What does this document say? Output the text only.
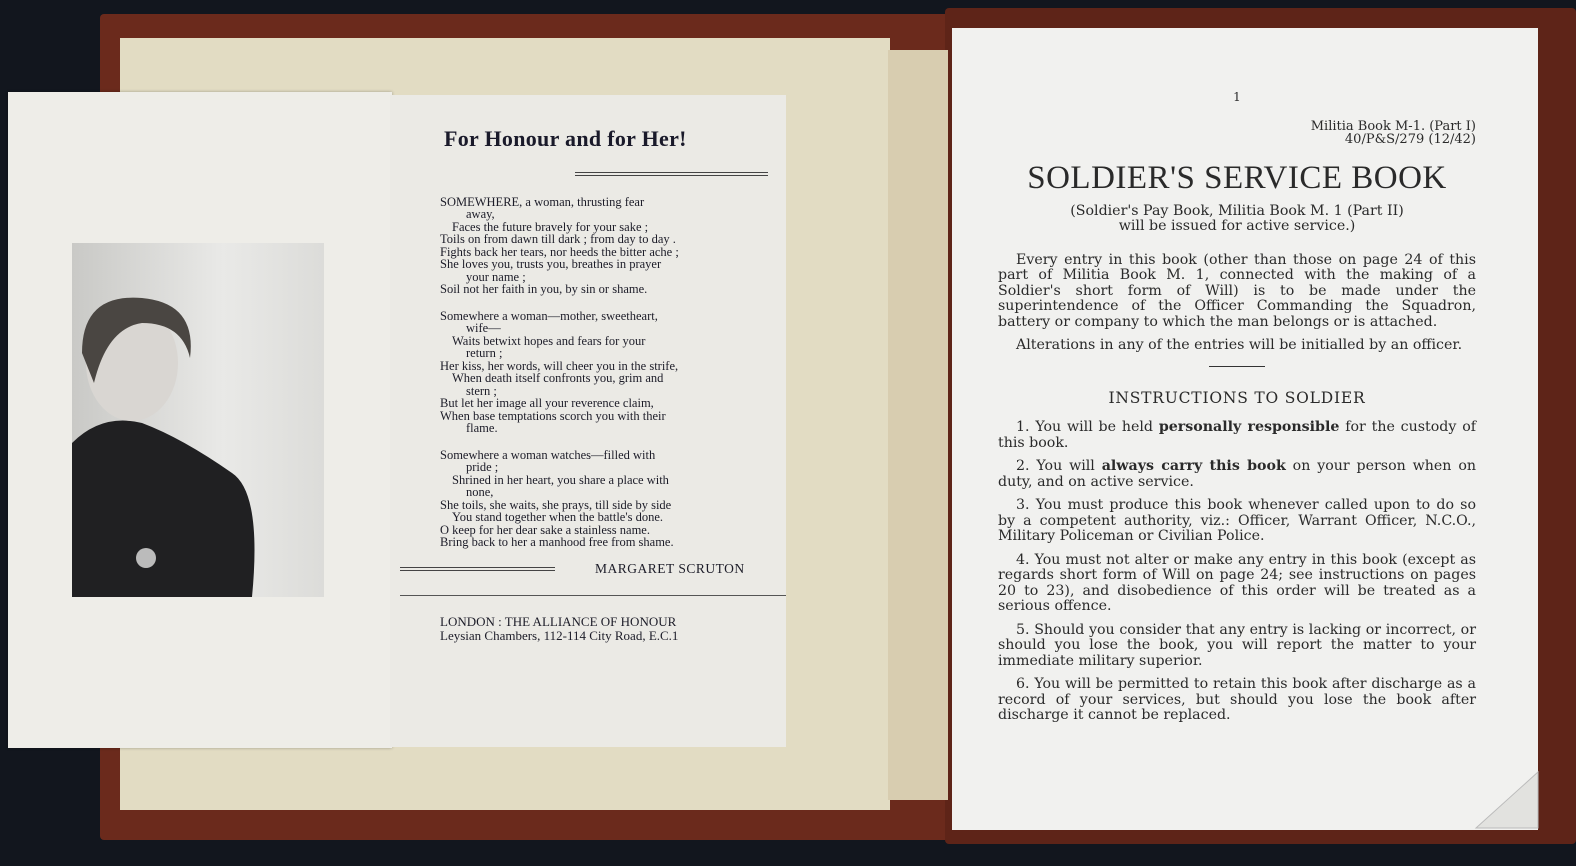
For Honour and for Her!
SOMEWHERE, a woman, thrusting fear
away,
Faces the future bravely for your sake ;
Toils on from dawn till dark ; from day to day .
Fights back her tears, nor heeds the bitter ache ;
She loves you, trusts you, breathes in prayer
your name ;
Soil not her faith in you, by sin or shame.
Somewhere a woman—mother, sweetheart,
wife—
Waits betwixt hopes and fears for your
return ;
Her kiss, her words, will cheer you in the strife,
When death itself confronts you, grim and
stern ;
But let her image all your reverence claim,
When base temptations scorch you with their
flame.
Somewhere a woman watches—filled with
pride ;
Shrined in her heart, you share a place with
none,
She toils, she waits, she prays, till side by side
You stand together when the battle's done.
O keep for her dear sake a stainless name.
Bring back to her a manhood free from shame.
MARGARET SCRUTON
LONDON : THE ALLIANCE OF HONOUR
Leysian Chambers, 112-114 City Road, E.C.1
1
Militia Book M-1. (Part I)
40/P&S/279 (12/42)
SOLDIER'S SERVICE BOOK
(Soldier's Pay Book, Militia Book M. 1 (Part II)
will be issued for active service.)

Every entry in this book (other than those on page 24 of this part of Militia Book M. 1, connected with the making of a Soldier's short form of Will) is to be made under the superintendence of the Officer Commanding the Squadron, battery or company to which the man belongs or is attached.

Alterations in any of the entries will be initialled by an officer.

INSTRUCTIONS TO SOLDIER

1. You will be held personally responsible for the custody of this book.

2. You will always carry this book on your person when on duty, and on active service.

3. You must produce this book whenever called upon to do so by a competent authority, viz.: Officer, Warrant Officer, N.C.O., Military Policeman or Civilian Police.

4. You must not alter or make any entry in this book (except as regards short form of Will on page 24; see instructions on pages 20 to 23), and disobedience of this order will be treated as a serious offence.

5. Should you consider that any entry is lacking or incorrect, or should you lose the book, you will report the matter to your immediate military superior.

6. You will be permitted to retain this book after discharge as a record of your services, but should you lose the book after discharge it cannot be replaced.
